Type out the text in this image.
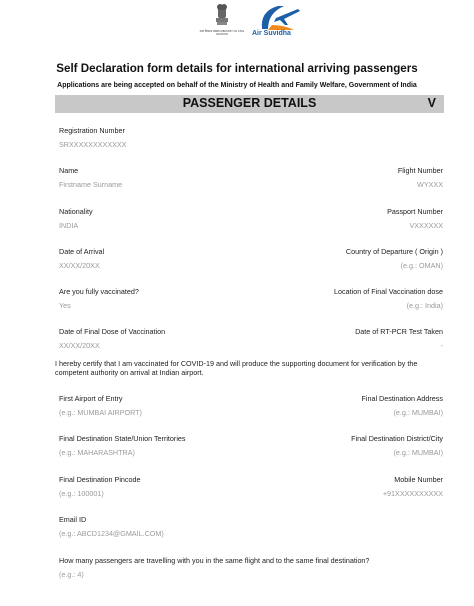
नागर विमानन मंत्रालय MINISTRY OF CIVIL AVIATION	Air Suvidha
Self Declaration form details for international arriving passengers
Applications are being accepted on behalf of the Ministry of Health and Family Welfare, Government of India
PASSENGER DETAILS	V
Registration Number
SRXXXXXXXXXXXX
Name
Firstname Surname
Flight Number
WYXXX
Nationality
INDIA
Passport Number
VXXXXXX
Date of Arrival
XX/XX/20XX
Country of Departure ( Origin )
(e.g.: OMAN)
Are you fully vaccinated?
Yes
Location of Final Vaccination dose
(e.g.: India)
Date of Final Dose of Vaccination
XX/XX/20XX
Date of RT-PCR Test Taken
-
I hereby certify that I am vaccinated for COVID-19 and will produce the supporting document for verification by the competent authority on arrival at Indian airport.
First Airport of Entry
(e.g.: MUMBAI AIRPORT)
Final Destination Address
(e.g.: MUMBAI)
Final Destination State/Union Territories
(e.g.: MAHARASHTRA)
Final Destination District/City
(e.g.: MUMBAI)
Final Destination Pincode
(e.g.: 100001)
Mobile Number
+91XXXXXXXXXX
Email ID
(e.g.: ABCD1234@GMAIL.COM)
How many passengers are travelling with you in the same flight and to the same final destination?
(e.g.: 4)
